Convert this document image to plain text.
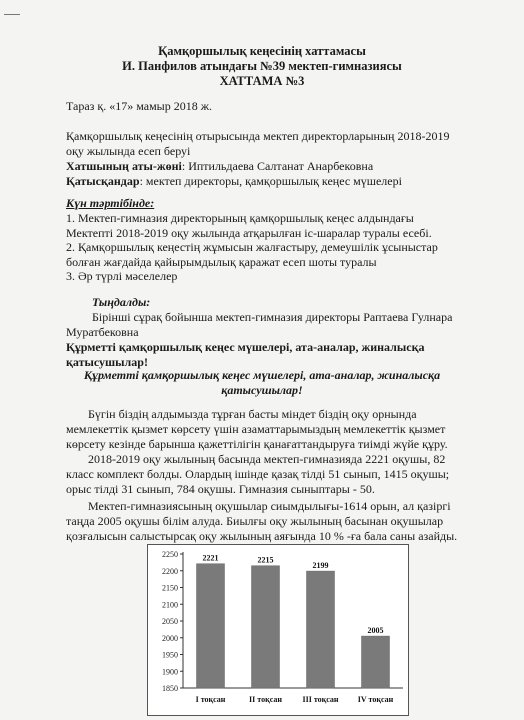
Қамқоршылық кеңесінің хаттамасы
И. Панфилов атындағы №39 мектеп-гимназиясы
ХАТТАМА №3
Тараз қ. «17» мамыр 2018 ж.
Қамқоршылық кеңесінің отырысында мектеп директорларының 2018-2019
оқу жылында есеп беруі
Хатшының аты-жөні: Иптильдаева Салтанат Анарбековна
Қатысқандар: мектеп директоры, қамқоршылық кеңес мүшелері
Күн тәртібінде:
1. Мектеп-гимназия директорының қамқоршылық кеңес алдындағы
Мектепті 2018-2019 оқу жылында атқарылған іс-шаралар туралы есебі.
2. Қамқоршылық кеңестің жұмысын жалғастыру, демеушілік ұсыныстар
болған жағдайда қайырымдылық қаражат есеп шоты туралы
3. Әр түрлі мәселелер
Тыңдалды:
Бірінші сұрақ бойынша мектеп-гимназия директоры Раптаева Гулнара
Муратбековна
Құрметті қамқоршылық кеңес мүшелері, ата-аналар, жиналысқа
қатысушылар!
Құрметті қамқоршылық кеңес мүшелері, ата-аналар, жиналысқа
қатысушылар!
Бүгін біздің алдымызда тұрған басты міндет біздің оқу орнында
мемлекеттік қызмет көрсету үшін азаматтарымыздың мемлекеттік қызмет
көрсету кезінде барынша қажеттілігін қанағаттандыруға тиімді жүйе құру.
2018-2019 оқу жылының басында мектеп-гимназияда 2221 оқушы, 82
класс комплект болды. Олардың ішінде қазақ тілді 51 сынып, 1415 оқушы;
орыс тілді 31 сынып, 784 оқушы. Гимназия сыныптары - 50.
Мектеп-гимназиясының оқушылар сиымдылығы-1614 орын, ал қазіргі
таңда 2005 оқушы білім алуда. Биылғы оқу жылының басынан оқушылар
қозғалысын салыстырсақ оқу жылының аяғында 10 % -ға бала саны азайды.
1850
1900
1950
2000
2050
2100
2150
2200
2250	2221
I тоқсан
2215
II тоқсан
2199
III тоқсан
2005
IV тоқсан
